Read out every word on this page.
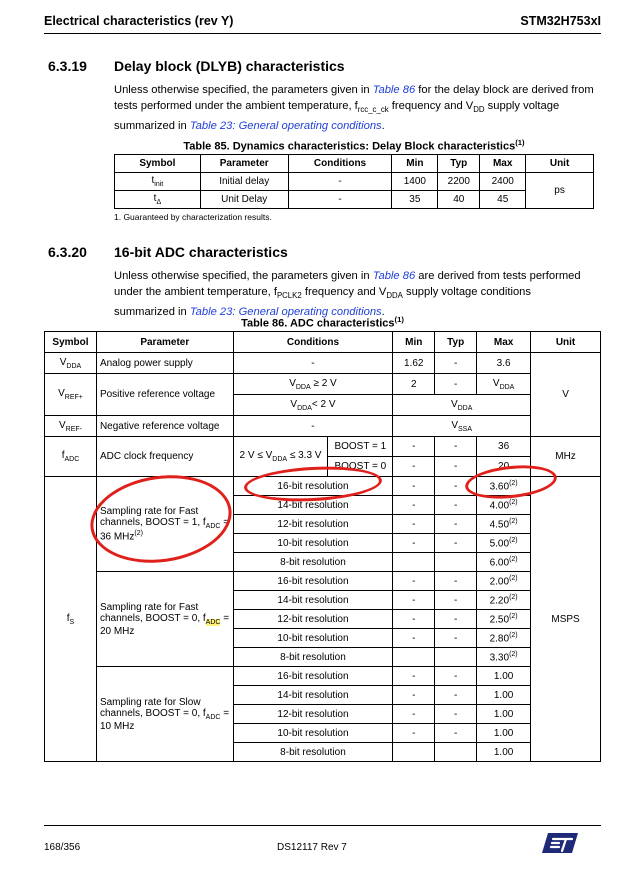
Electrical characteristics (rev Y)	STM32H753xI
6.3.19 Delay block (DLYB) characteristics
Unless otherwise specified, the parameters given in Table 86 for the delay block are derived from tests performed under the ambient temperature, $f_{rcc\_c\_ck}$ frequency and $V_{DD}$ supply voltage summarized in Table 23: General operating conditions.
Table 85. Dynamics characteristics: Delay Block characteristics$^{(1)}$
Symbol	Parameter	Conditions	Min	Typ	Max	Unit
$t_{init}$	Initial delay	-	1400	2200	2400	ps
$t_\Delta$	Unit Delay	-	35	40	45	
1. Guaranteed by characterization results.
6.3.20 16-bit ADC characteristics
Unless otherwise specified, the parameters given in Table 86 are derived from tests performed under the ambient temperature, $f_{PCLK2}$ frequency and $V_{DDA}$ supply voltage conditions summarized in Table 23: General operating conditions.
Table 86. ADC characteristics$^{(1)}$
Symbol	Parameter	Conditions		Min	Typ	Max	Unit
$V_{DDA}$	Analog power supply	-		1.62	-	3.6	V
$V_{REF+}$	Positive reference voltage	$V_{DDA} \ge 2$ V		2	-	$V_{DDA}$
		$V_{DDA}< 2$ V		$V_{DDA}$
$V_{REF-}$	Negative reference voltage	-		$V_{SSA}$
$f_{ADC}$	ADC clock frequency	2 $V \le V_{DDA} \le 3.3$ V	BOOST = 1	-	-	36	MHz
			BOOST = 0	-	-	20	
$f_S$	Sampling rate for Fast channels, BOOST = 1, $f_{ADC} = 36$ MHz$^{(2)}$	16-bit resolution		-	-	3.60$^{(2)}$	MSPS
		14-bit resolution		-	-	4.00$^{(2)}$
		12-bit resolution		-	-	4.50$^{(2)}$
		10-bit resolution		-	-	5.00$^{(2)}$
		8-bit resolution				6.00$^{(2)}$
	Sampling rate for Fast channels, BOOST = 0, $f_{ADC} = 20$ MHz	16-bit resolution		-	-	2.00$^{(2)}$
		14-bit resolution		-	-	2.20$^{(2)}$
		12-bit resolution		-	-	2.50$^{(2)}$
		10-bit resolution		-	-	2.80$^{(2)}$
		8-bit resolution				3.30$^{(2)}$
	Sampling rate for Slow channels, BOOST = 0, $f_{ADC} = 10$ MHz	16-bit resolution		-	-	1.00	
		14-bit resolution		-	-	1.00	
		12-bit resolution		-	-	1.00	
		10-bit resolution		-	-	1.00	
		8-bit resolution				1.00	
168/356	DS12117 Rev 7
